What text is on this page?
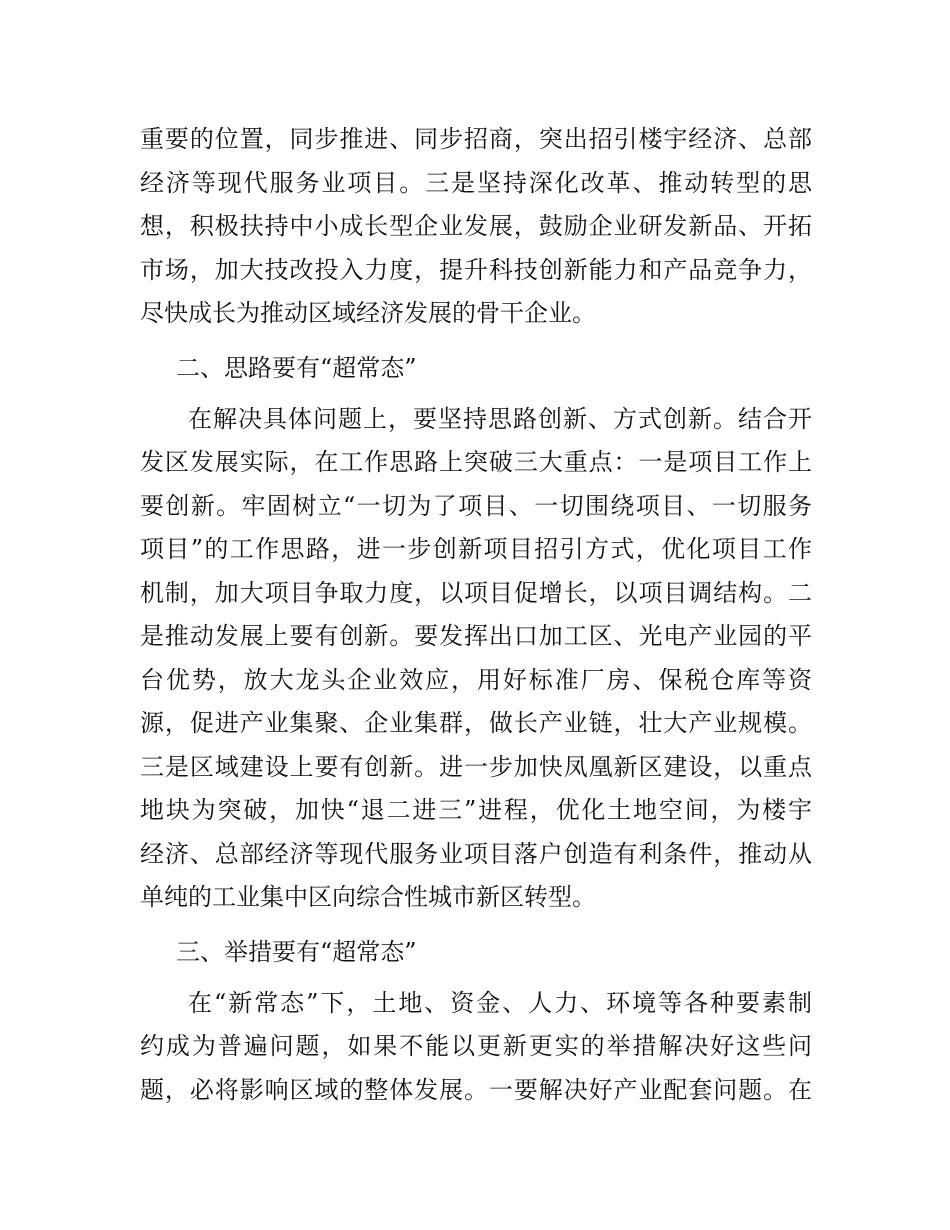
重要的位置，同步推进、同步招商，突出招引楼宇经济、总部
经济等现代服务业项目。三是坚持深化改革、推动转型的思
想，积极扶持中小成长型企业发展，鼓励企业研发新品、开拓
市场，加大技改投入力度，提升科技创新能力和产品竞争力，
尽快成长为推动区域经济发展的骨干企业。
二、思路要有“超常态”
在解决具体问题上，要坚持思路创新、方式创新。结合开
发区发展实际，在工作思路上突破三大重点：一是项目工作上
要创新。牢固树立“一切为了项目、一切围绕项目、一切服务
项目”的工作思路，进一步创新项目招引方式，优化项目工作
机制，加大项目争取力度，以项目促增长，以项目调结构。二
是推动发展上要有创新。要发挥出口加工区、光电产业园的平
台优势，放大龙头企业效应，用好标准厂房、保税仓库等资
源，促进产业集聚、企业集群，做长产业链，壮大产业规模。
三是区域建设上要有创新。进一步加快凤凰新区建设，以重点
地块为突破，加快“退二进三”进程，优化土地空间，为楼宇
经济、总部经济等现代服务业项目落户创造有利条件，推动从
单纯的工业集中区向综合性城市新区转型。
三、举措要有“超常态”
在“新常态”下，土地、资金、人力、环境等各种要素制
约成为普遍问题，如果不能以更新更实的举措解决好这些问
题，必将影响区域的整体发展。一要解决好产业配套问题。在
